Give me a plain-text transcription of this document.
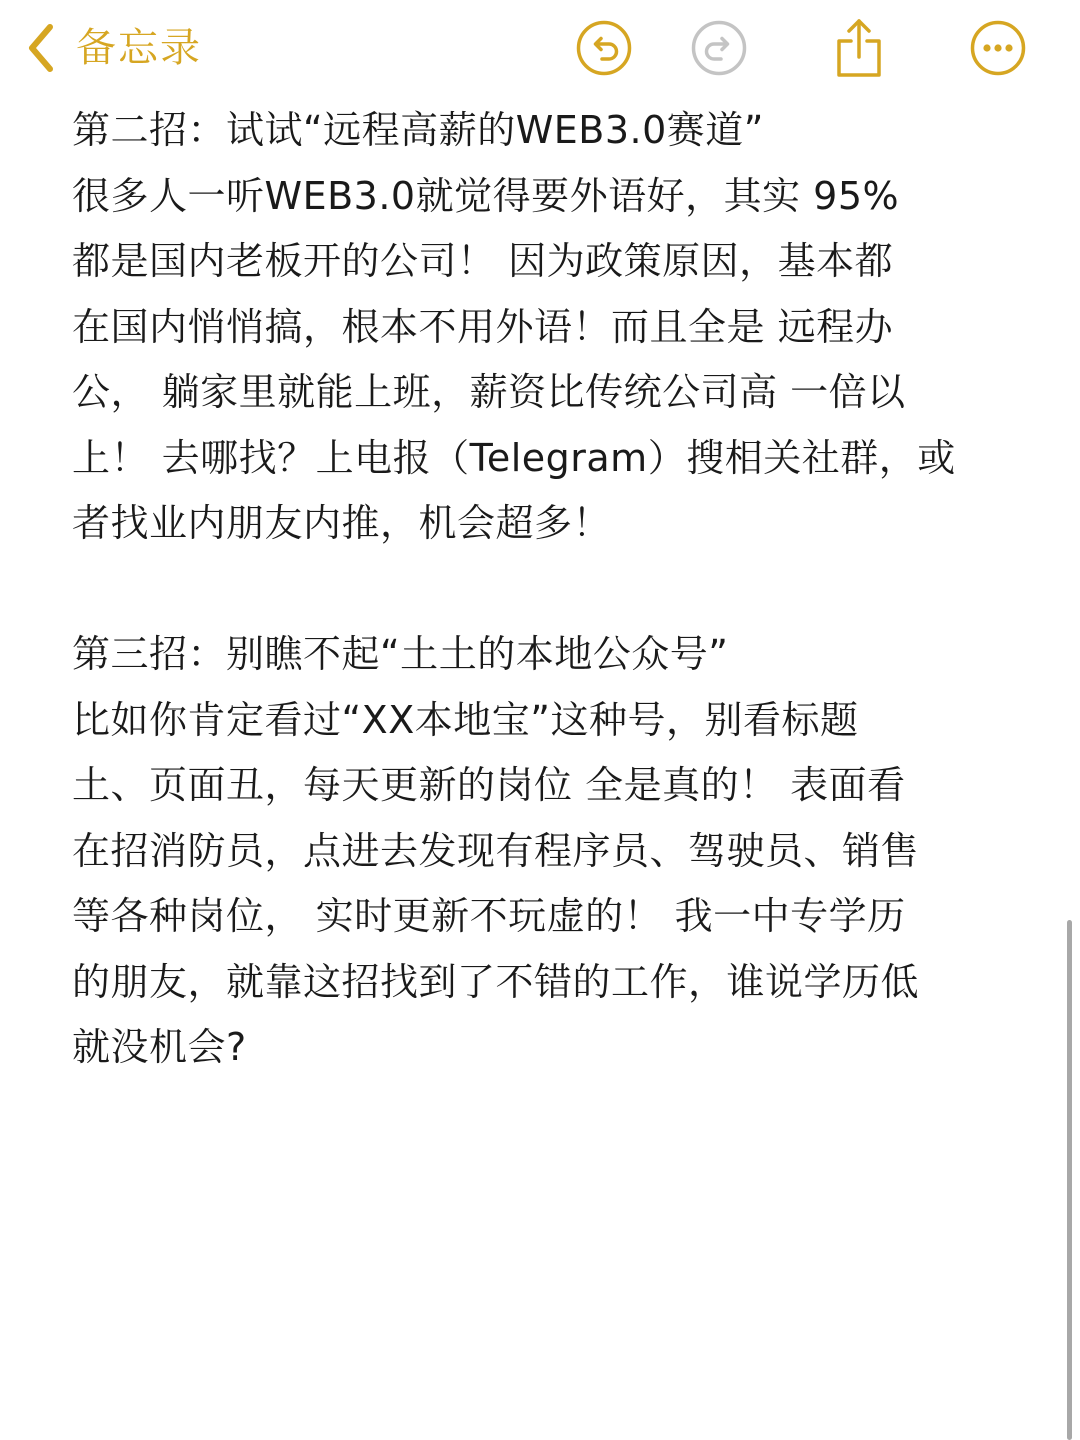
备忘录
第二招：试试“远程高薪的WEB3.0赛道”
很多人一听WEB3.0就觉得要外语好，其实 95%
都是国内老板开的公司！ 因为政策原因，基本都
在国内悄悄搞，根本不用外语！而且全是 远程办
公， 躺家里就能上班，薪资比传统公司高 一倍以
上！ 去哪找？上电报（Telegram）搜相关社群，或
者找业内朋友内推，机会超多！
第三招：别瞧不起“土土的本地公众号”
比如你肯定看过“XX本地宝”这种号，别看标题
土、页面丑，每天更新的岗位 全是真的！ 表面看
在招消防员，点进去发现有程序员、驾驶员、销售
等各种岗位， 实时更新不玩虚的！ 我一中专学历
的朋友，就靠这招找到了不错的工作，谁说学历低
就没机会?
